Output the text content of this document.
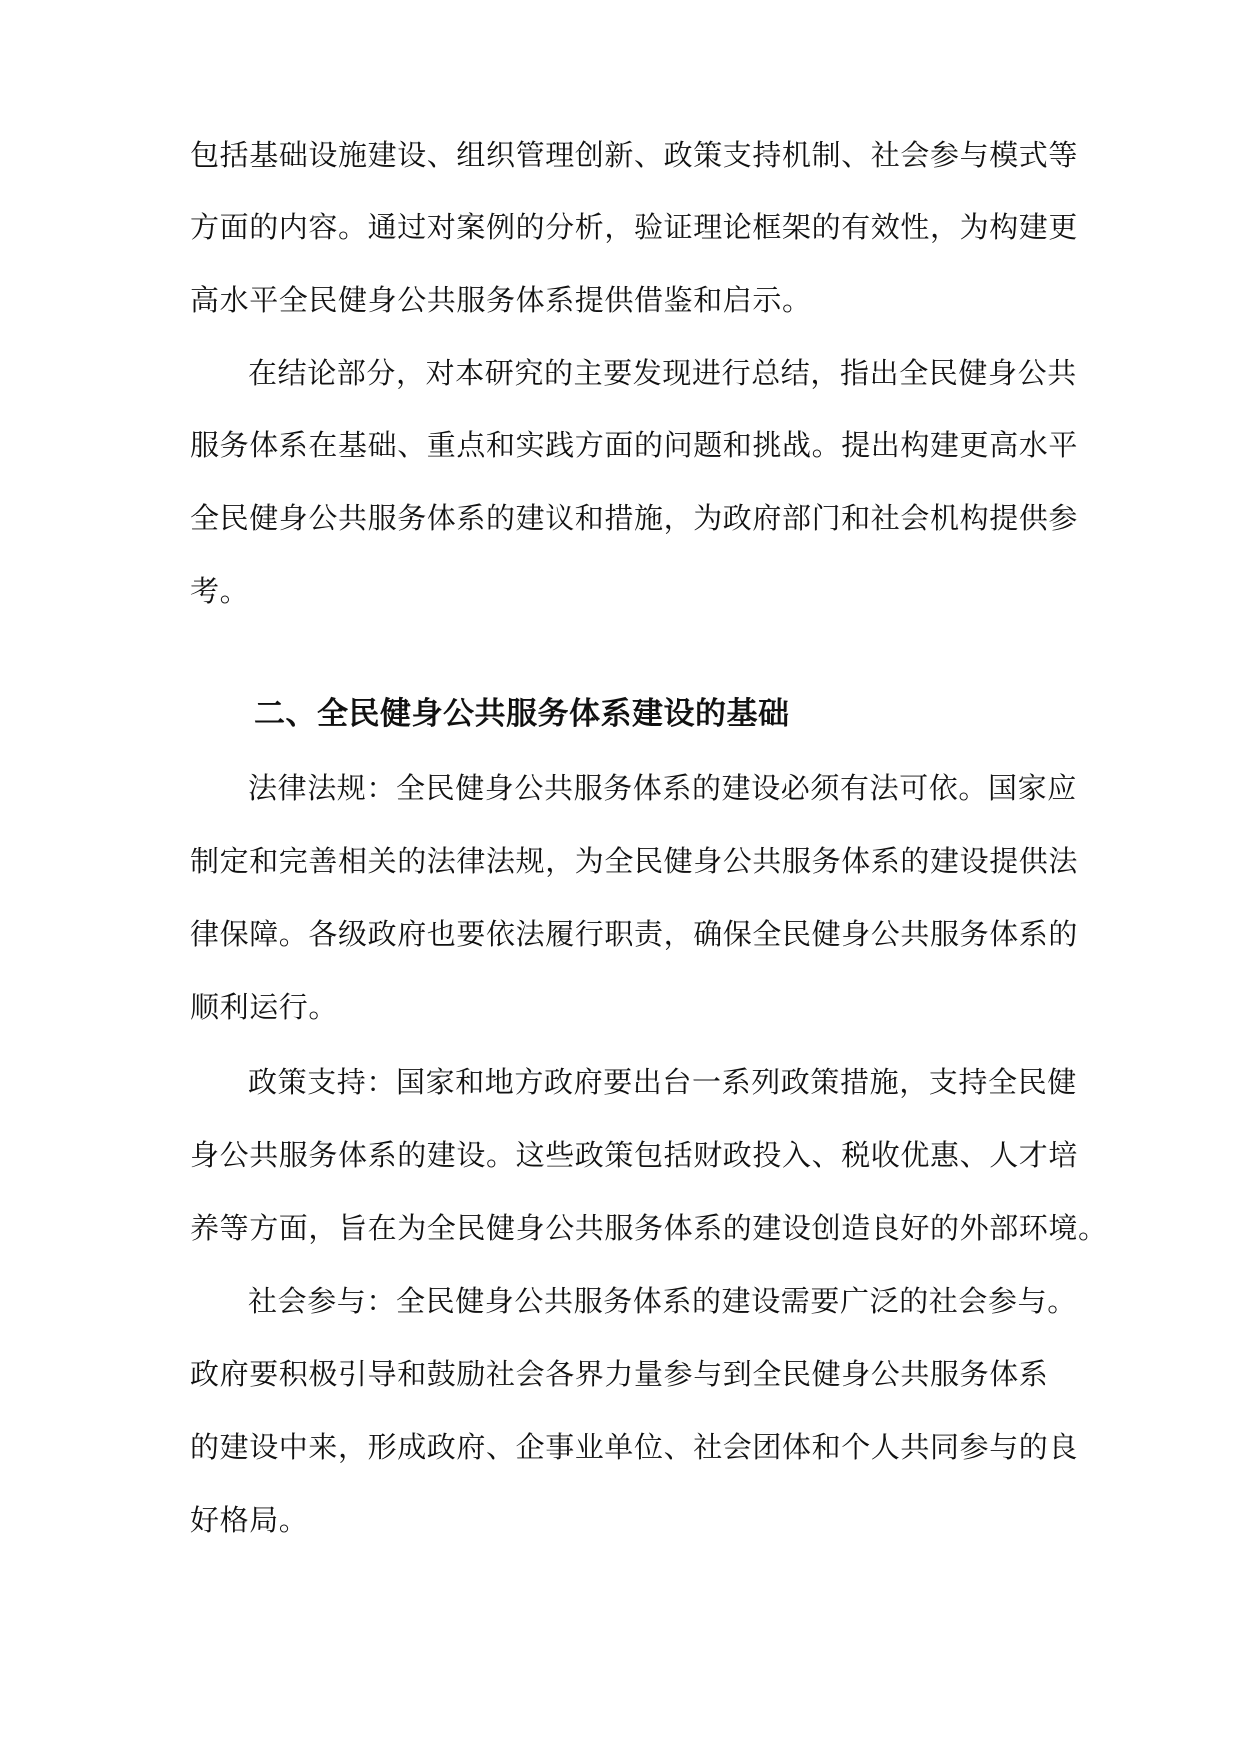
包括基础设施建设、组织管理创新、政策支持机制、社会参与模式等
方面的内容。通过对案例的分析，验证理论框架的有效性，为构建更
高水平全民健身公共服务体系提供借鉴和启示。
在结论部分，对本研究的主要发现进行总结，指出全民健身公共
服务体系在基础、重点和实践方面的问题和挑战。提出构建更高水平
全民健身公共服务体系的建议和措施，为政府部门和社会机构提供参
考。
二、全民健身公共服务体系建设的基础
法律法规：全民健身公共服务体系的建设必须有法可依。国家应
制定和完善相关的法律法规，为全民健身公共服务体系的建设提供法
律保障。各级政府也要依法履行职责，确保全民健身公共服务体系的
顺利运行。
政策支持：国家和地方政府要出台一系列政策措施，支持全民健
身公共服务体系的建设。这些政策包括财政投入、税收优惠、人才培
养等方面，旨在为全民健身公共服务体系的建设创造良好的外部环境。
社会参与：全民健身公共服务体系的建设需要广泛的社会参与。
政府要积极引导和鼓励社会各界力量参与到全民健身公共服务体系
的建设中来，形成政府、企事业单位、社会团体和个人共同参与的良
好格局。
